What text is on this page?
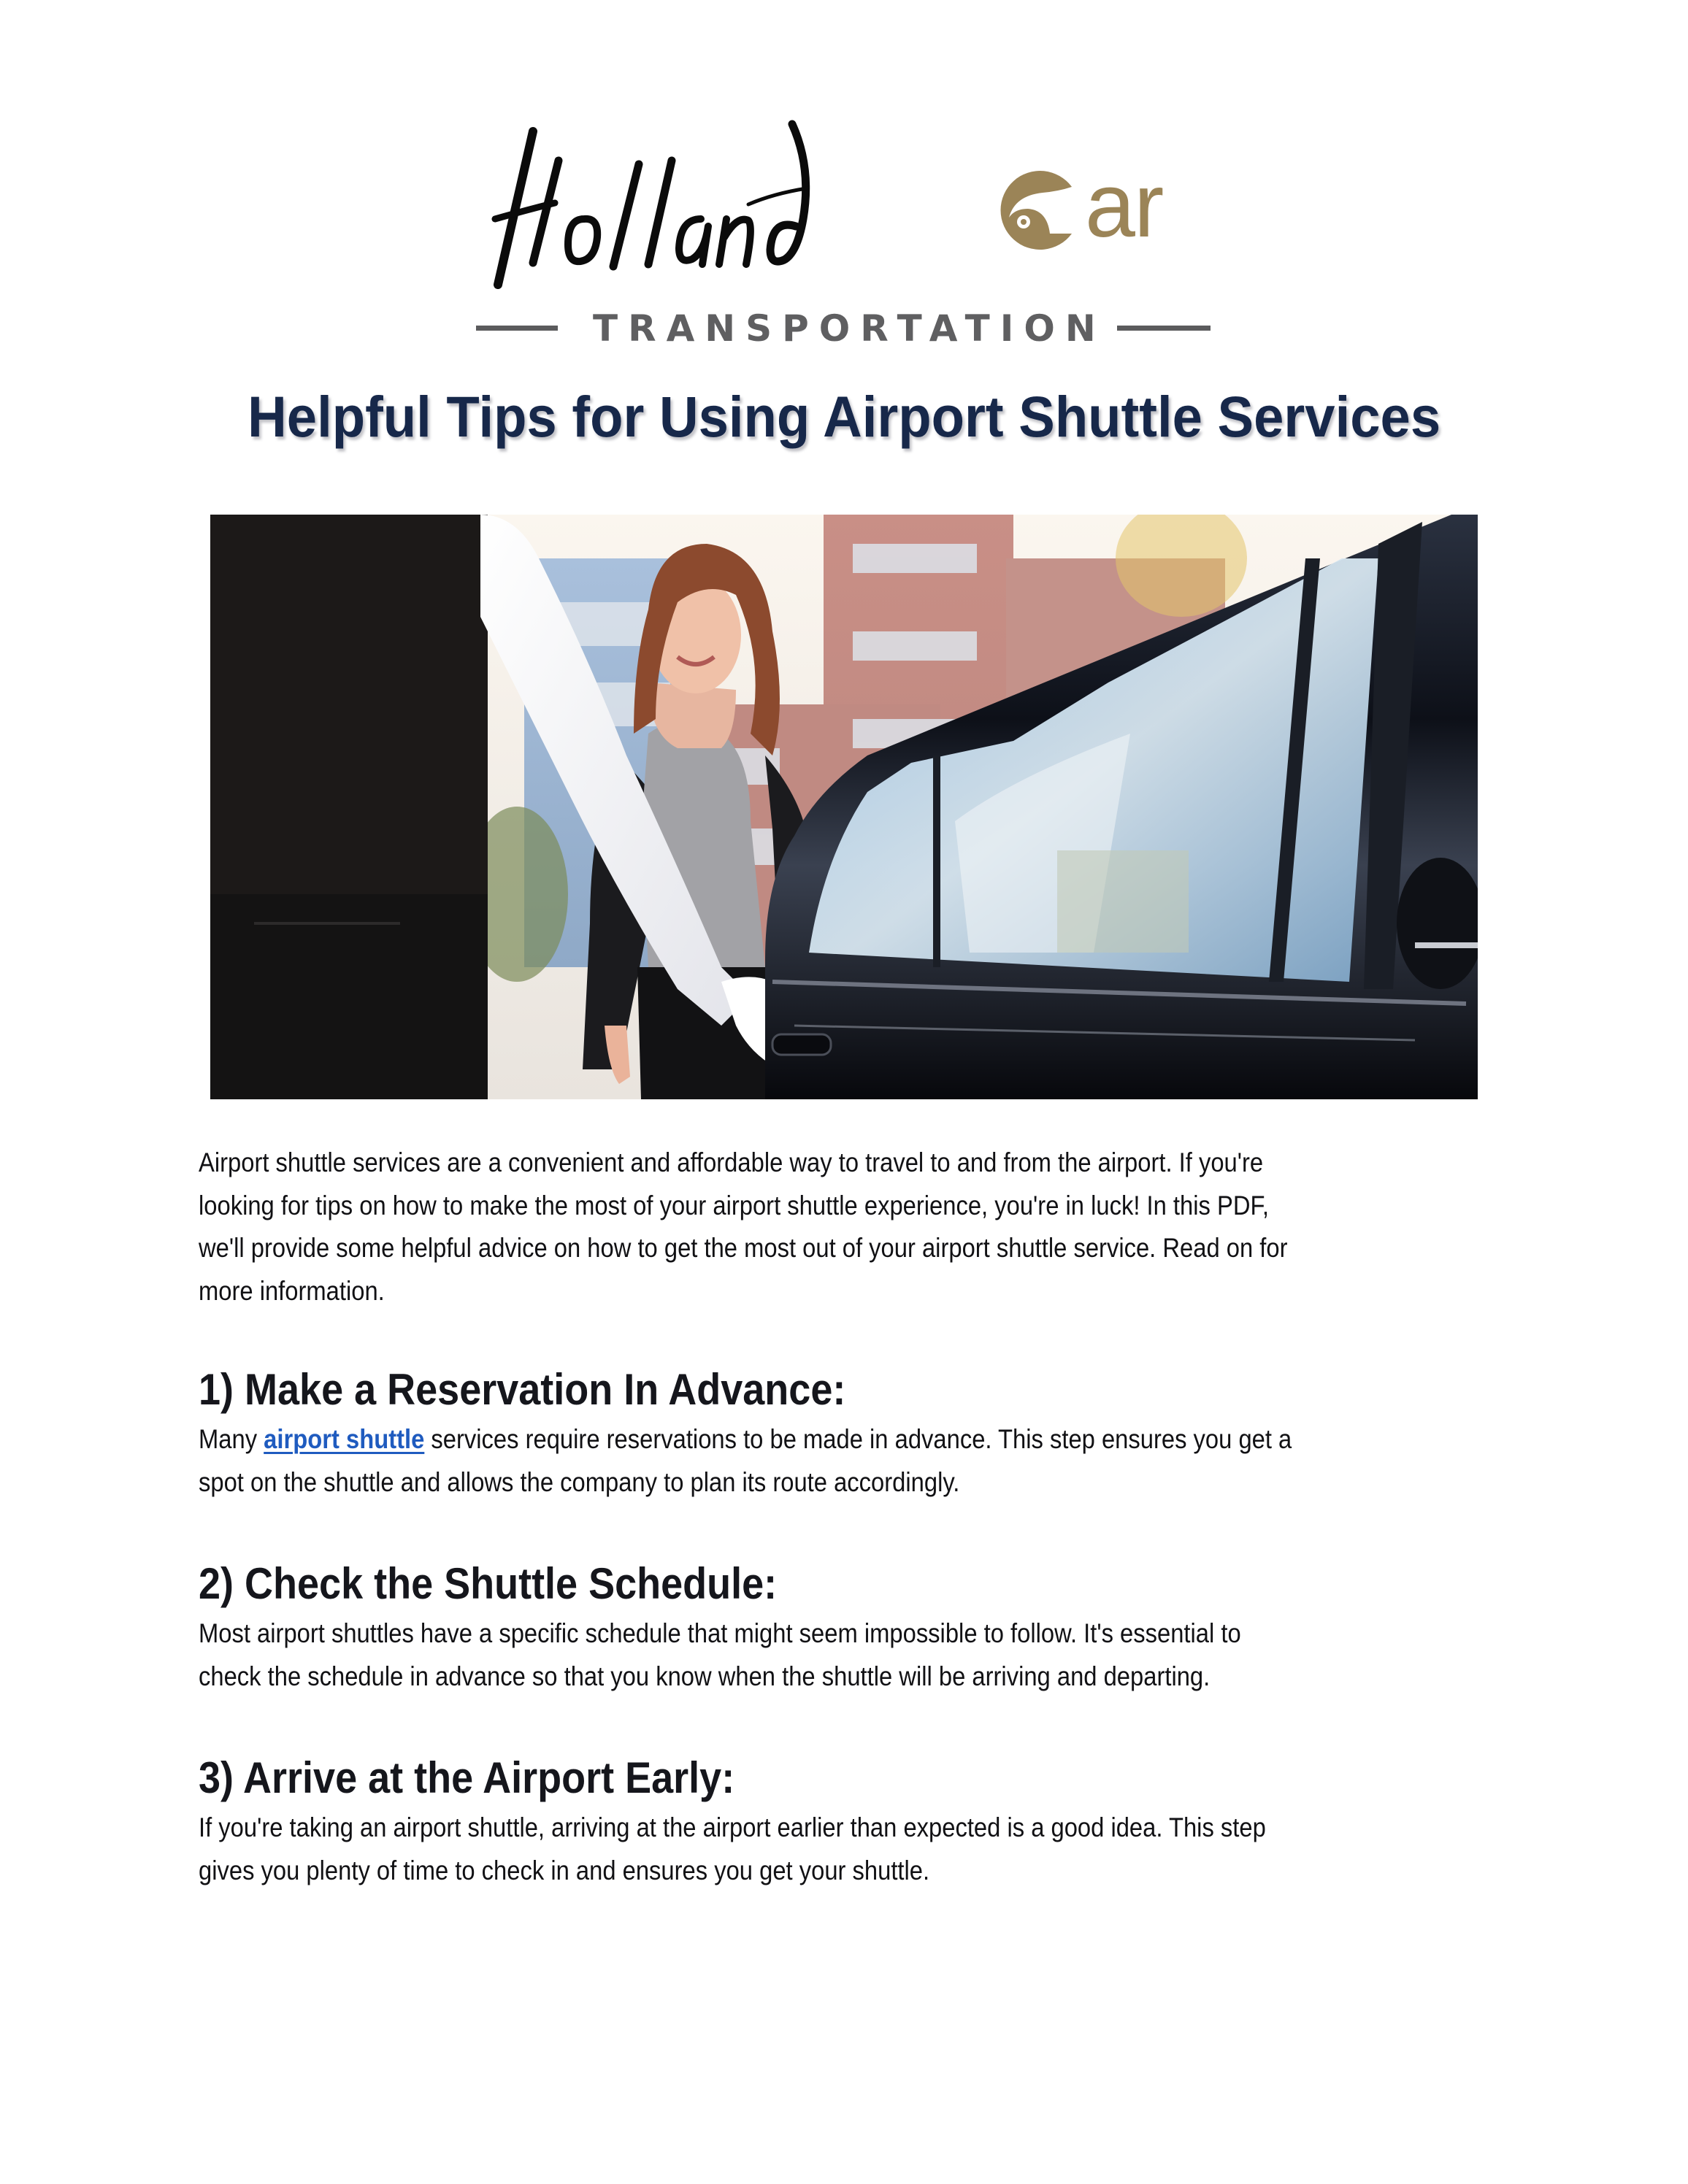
ar
TRANSPORTATION
Helpful Tips for Using Airport Shuttle Services
Airport shuttle services are a convenient and affordable way to travel to and from the airport. If you're
looking for tips on how to make the most of your airport shuttle experience, you're in luck! In this PDF,
we'll provide some helpful advice on how to get the most out of your airport shuttle service. Read on for
more information.
1) Make a Reservation In Advance:
Many airport shuttle services require reservations to be made in advance. This step ensures you get a
spot on the shuttle and allows the company to plan its route accordingly.
2) Check the Shuttle Schedule:
Most airport shuttles have a specific schedule that might seem impossible to follow. It's essential to
check the schedule in advance so that you know when the shuttle will be arriving and departing.
3) Arrive at the Airport Early:
If you're taking an airport shuttle, arriving at the airport earlier than expected is a good idea. This step
gives you plenty of time to check in and ensures you get your shuttle.
